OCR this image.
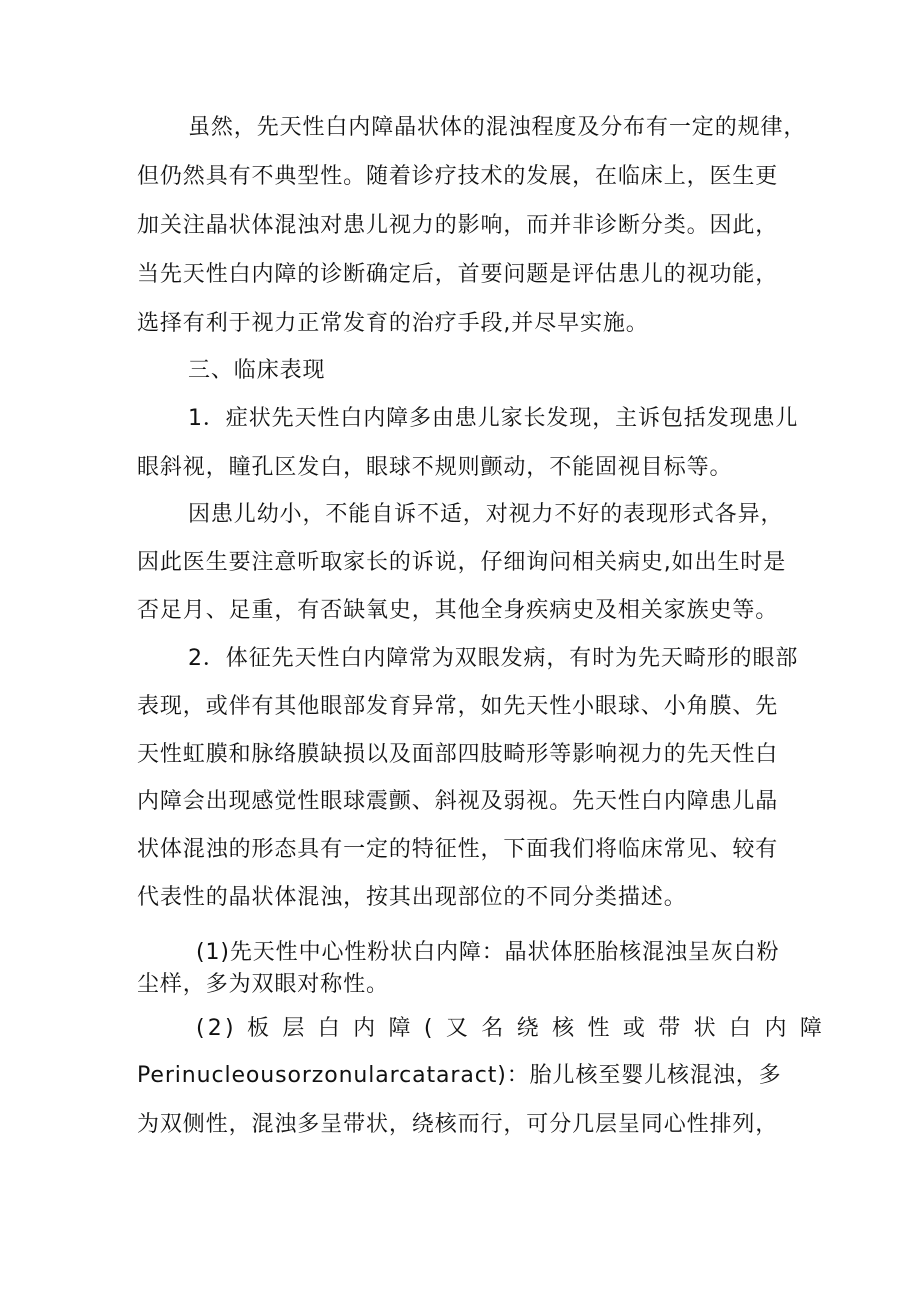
虽然，先天性白内障晶状体的混浊程度及分布有一定的规律，
但仍然具有不典型性。随着诊疗技术的发展，在临床上，医生更
加关注晶状体混浊对患儿视力的影响，而并非诊断分类。因此，
当先天性白内障的诊断确定后，首要问题是评估患儿的视功能，
选择有利于视力正常发育的治疗手段,并尽早实施。
三、临床表现
1．症状先天性白内障多由患儿家长发现，主诉包括发现患儿
眼斜视，瞳孔区发白，眼球不规则颤动，不能固视目标等。
因患儿幼小，不能自诉不适，对视力不好的表现形式各异，
因此医生要注意听取家长的诉说，仔细询问相关病史,如出生时是
否足月、足重，有否缺氧史，其他全身疾病史及相关家族史等。
2．体征先天性白内障常为双眼发病，有时为先天畸形的眼部
表现，或伴有其他眼部发育异常，如先天性小眼球、小角膜、先
天性虹膜和脉络膜缺损以及面部四肢畸形等影响视力的先天性白
内障会出现感觉性眼球震颤、斜视及弱视。先天性白内障患儿晶
状体混浊的形态具有一定的特征性，下面我们将临床常见、较有
代表性的晶状体混浊，按其出现部位的不同分类描述。
(1)先天性中心性粉状白内障：晶状体胚胎核混浊呈灰白粉
尘样，多为双眼对称性。
(2) 板 层 白 内 障 ( 又 名 绕 核 性 或 带 状 白 内 障
Perinucleousorzonularcataract)：胎儿核至婴儿核混浊，多
为双侧性，混浊多呈带状，绕核而行，可分几层呈同心性排列，
